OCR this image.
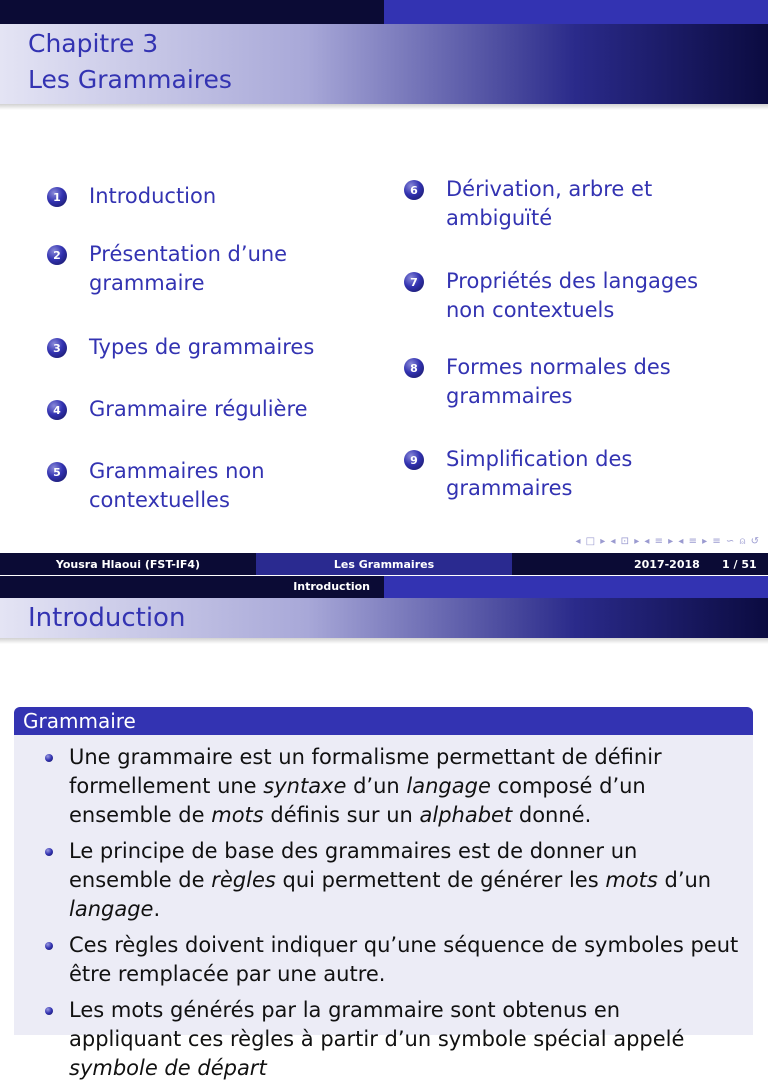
Chapitre 3
Les Grammaires
1 Introduction
2 Présentation d’une grammaire
3 Types de grammaires
4 Grammaire régulière
5 Grammaires non contextuelles
6 Dérivation, arbre et ambiguïté
7 Propriétés des langages non contextuels
8 Formes normales des grammaires
9 Simplification des grammaires
◂ □ ▸ ◂ ⊡ ▸ ◂ ≡ ▸ ◂ ≡ ▸ ≡ ∽ ⍝ ↺
Yousra Hlaoui (FST-IF4)	Les Grammaires	2017-2018 1 / 51
Introduction
Introduction
Grammaire
Une grammaire est un formalisme permettant de définir formellement une syntaxe d’un langage composé d’un ensemble de mots définis sur un alphabet donné.
Le principe de base des grammaires est de donner un ensemble de règles qui permettent de générer les mots d’un langage.
Ces règles doivent indiquer qu’une séquence de symboles peut être remplacée par une autre.
Les mots générés par la grammaire sont obtenus en appliquant ces règles à partir d’un symbole spécial appelé symbole de départ
